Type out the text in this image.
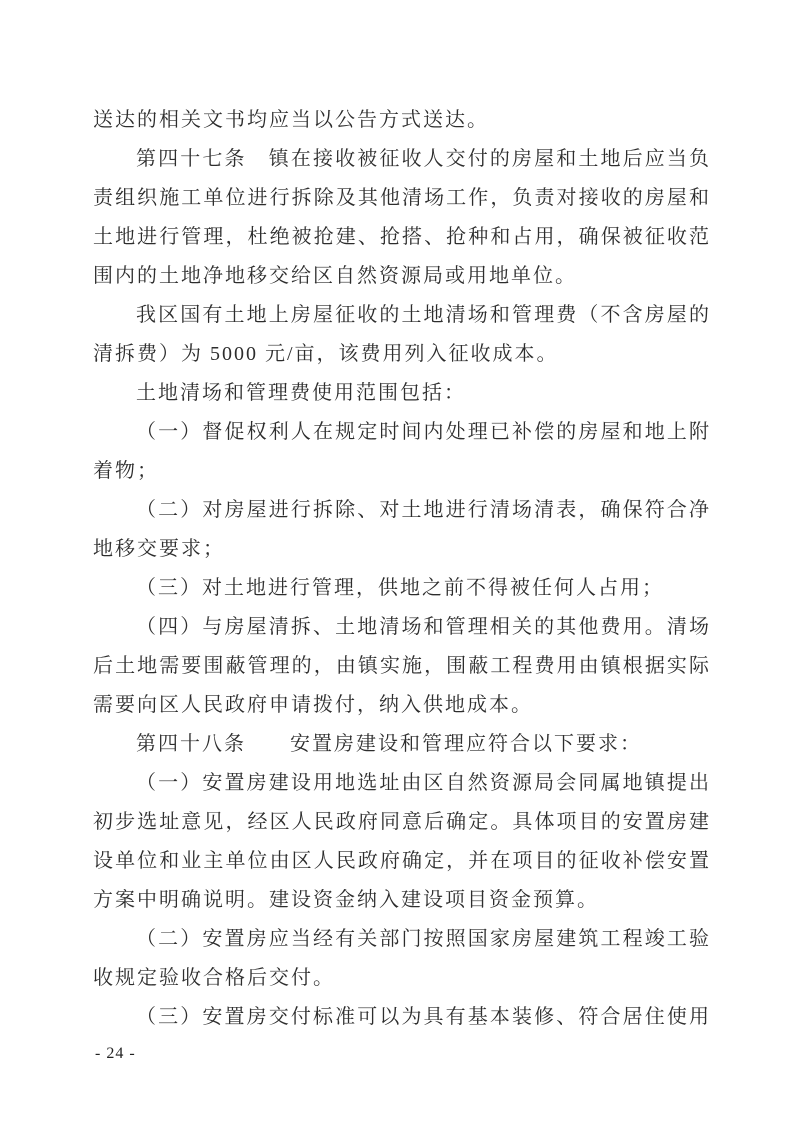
送达的相关文书均应当以公告方式送达。
第四十七条　镇在接收被征收人交付的房屋和土地后应当负
责组织施工单位进行拆除及其他清场工作，负责对接收的房屋和
土地进行管理，杜绝被抢建、抢搭、抢种和占用，确保被征收范
围内的土地净地移交给区自然资源局或用地单位。
我区国有土地上房屋征收的土地清场和管理费（不含房屋的
清拆费）为 5000 元/亩，该费用列入征收成本。
土地清场和管理费使用范围包括：
（一）督促权利人在规定时间内处理已补偿的房屋和地上附
着物；
（二）对房屋进行拆除、对土地进行清场清表，确保符合净
地移交要求；
（三）对土地进行管理，供地之前不得被任何人占用；
（四）与房屋清拆、土地清场和管理相关的其他费用。清场
后土地需要围蔽管理的，由镇实施，围蔽工程费用由镇根据实际
需要向区人民政府申请拨付，纳入供地成本。
第四十八条　　安置房建设和管理应符合以下要求：
（一）安置房建设用地选址由区自然资源局会同属地镇提出
初步选址意见，经区人民政府同意后确定。具体项目的安置房建
设单位和业主单位由区人民政府确定，并在项目的征收补偿安置
方案中明确说明。建设资金纳入建设项目资金预算。
（二）安置房应当经有关部门按照国家房屋建筑工程竣工验
收规定验收合格后交付。
（三）安置房交付标准可以为具有基本装修、符合居住使用
- 24 -
